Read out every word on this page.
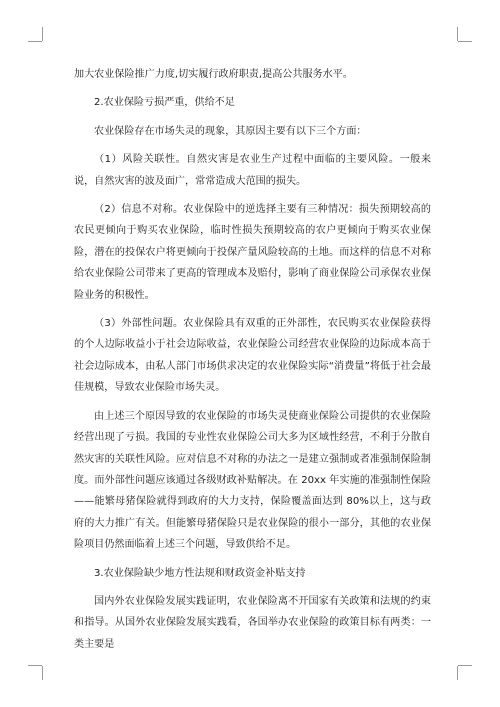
加大农业保险推广力度,切实履行政府职责,提高公共服务水平。

2.农业保险亏损严重，供给不足

农业保险存在市场失灵的现象，其原因主要有以下三个方面：

（1）风险关联性。自然灾害是农业生产过程中面临的主要风险。一般来说，自然灾害的波及面广，常常造成大范围的损失。

（2）信息不对称。农业保险中的逆选择主要有三种情况：损失预期较高的农民更倾向于购买农业保险，临时性损失预期较高的农户更倾向于购买农业保险，潜在的投保农户将更倾向于投保产量风险较高的土地。而这样的信息不对称给农业保险公司带来了更高的管理成本及赔付，影响了商业保险公司承保农业保险业务的积极性。

（3）外部性问题。农业保险具有双重的正外部性，农民购买农业保险获得的个人边际收益小于社会边际收益，农业保险公司经营农业保险的边际成本高于社会边际成本，由私人部门市场供求决定的农业保险实际“消费量”将低于社会最佳规模，导致农业保险市场失灵。

由上述三个原因导致的农业保险的市场失灵使商业保险公司提供的农业保险经营出现了亏损。我国的专业性农业保险公司大多为区域性经营，不利于分散自然灾害的关联性风险。应对信息不对称的办法之一是建立强制或者准强制保险制度。而外部性问题应该通过各级财政补贴解决。在 20xx 年实施的准强制性保险——能繁母猪保险就得到政府的大力支持，保险覆盖面达到 80%以上，这与政府的大力推广有关。但能繁母猪保险只是农业保险的很小一部分，其他的农业保险项目仍然面临着上述三个问题，导致供给不足。

3.农业保险缺少地方性法规和财政资金补贴支持

国内外农业保险发展实践证明，农业保险离不开国家有关政策和法规的约束和指导。从国外农业保险发展实践看，各国举办农业保险的政策目标有两类：一类主要是
